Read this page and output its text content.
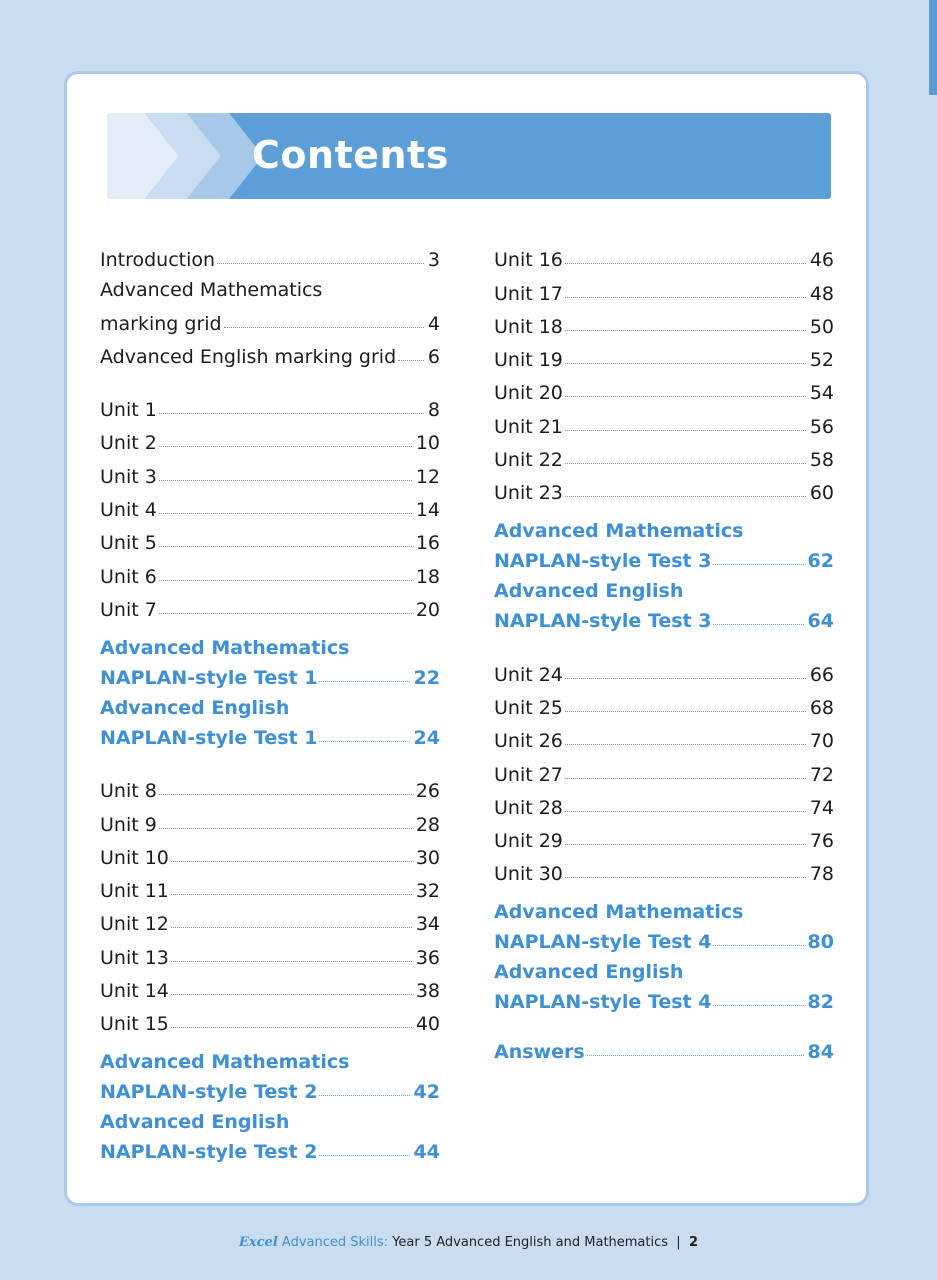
Contents
Introduction	3
Advanced Mathematics
marking grid	4
Advanced English marking grid 6
Unit 1	8
Unit 2	10
Unit 3	12
Unit 4	14
Unit 5	16
Unit 6	18
Unit 7	20
Advanced Mathematics
NAPLAN-style Test 1	22
Advanced English
NAPLAN-style Test 1	24
Unit 8	26
Unit 9	28
Unit 10	30
Unit 11	32
Unit 12	34
Unit 13	36
Unit 14	38
Unit 15	40
Advanced Mathematics
NAPLAN-style Test 2	42
Advanced English
NAPLAN-style Test 2	44
Unit 16	46
Unit 17	48
Unit 18	50
Unit 19	52
Unit 20	54
Unit 21	56
Unit 22	58
Unit 23	60
Advanced Mathematics
NAPLAN-style Test 3	62
Advanced English
NAPLAN-style Test 3	64
Unit 24	66
Unit 25	68
Unit 26	70
Unit 27	72
Unit 28	74
Unit 29	76
Unit 30	78
Advanced Mathematics
NAPLAN-style Test 4	80
Advanced English
NAPLAN-style Test 4	82
Answers	84
Excel Advanced Skills: Year 5 Advanced English and Mathematics | 2
